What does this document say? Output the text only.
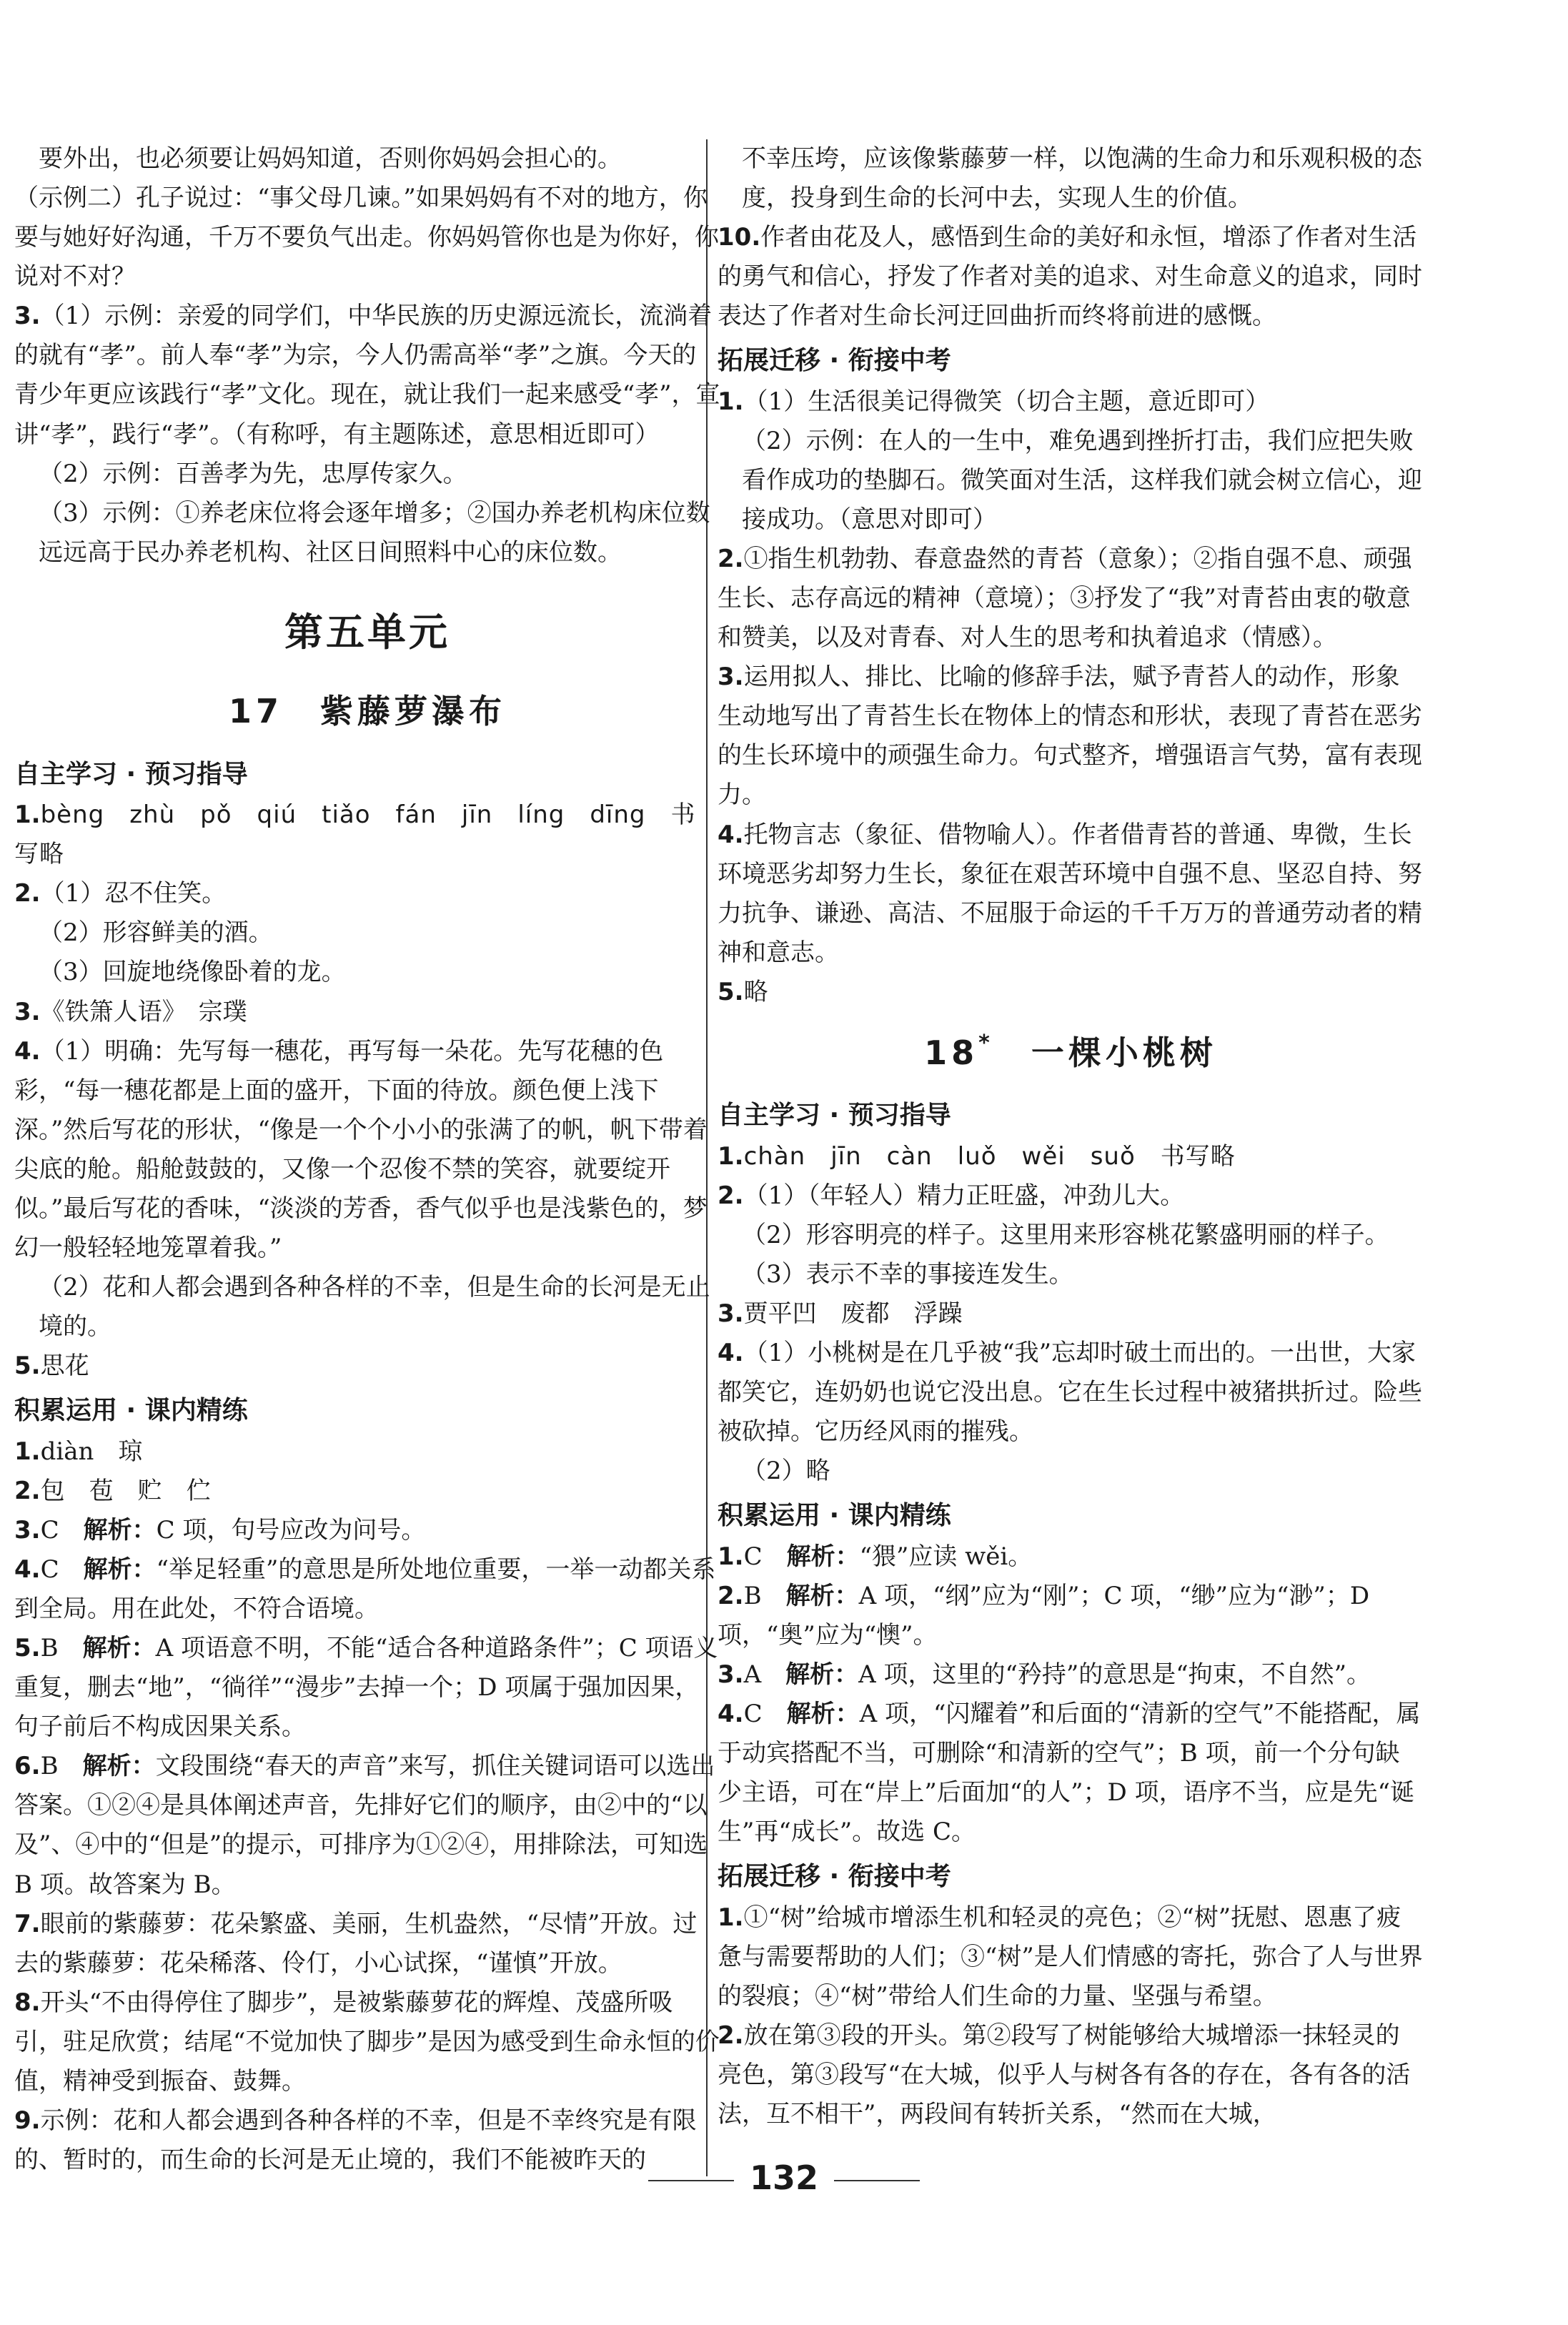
要外出，也必须要让妈妈知道，否则你妈妈会担心的。

（示例二）孔子说过：“事父母几谏。”如果妈妈有不对的地方，你要与她好好沟通，千万不要负气出走。你妈妈管你也是为你好，你说对不对？

3.（1）示例：亲爱的同学们，中华民族的历史源远流长，流淌着的就有“孝”。前人奉“孝”为宗，今人仍需高举“孝”之旗。今天的青少年更应该践行“孝”文化。现在，就让我们一起来感受“孝”，宣讲“孝”，践行“孝”。（有称呼，有主题陈述，意思相近即可）

（2）示例：百善孝为先，忠厚传家久。

（3）示例：①养老床位将会逐年增多；②国办养老机构床位数远远高于民办养老机构、社区日间照料中心的床位数。

第五单元
17　紫藤萝瀑布
自主学习 · 预习指导

1.bèng　zhù　pǒ　qiú　tiǎo　fán　jīn　líng　dīng　书写略

2.（1）忍不住笑。

（2）形容鲜美的酒。

（3）回旋地绕像卧着的龙。

3.《铁箫人语》　宗璞

4.（1）明确：先写每一穗花，再写每一朵花。先写花穗的色彩，“每一穗花都是上面的盛开，下面的待放。颜色便上浅下深。”然后写花的形状，“像是一个个小小的张满了的帆，帆下带着尖底的舱。船舱鼓鼓的，又像一个忍俊不禁的笑容，就要绽开似。”最后写花的香味，“淡淡的芳香，香气似乎也是浅紫色的，梦幻一般轻轻地笼罩着我。”

（2）花和人都会遇到各种各样的不幸，但是生命的长河是无止境的。

5.思花

积累运用 · 课内精练

1.diàn　琼

2.包　苞　贮　伫

3.C　 解析：C 项，句号应改为问号。

4.C　 解析：“举足轻重”的意思是所处地位重要，一举一动都关系到全局。用在此处，不符合语境。

5.B　 解析：A 项语意不明，不能“适合各种道路条件”；C 项语义重复，删去“地”，“徜徉”“漫步”去掉一个；D 项属于强加因果，句子前后不构成因果关系。

6.B　 解析：文段围绕“春天的声音”来写，抓住关键词语可以选出答案。①②④是具体阐述声音，先排好它们的顺序，由②中的“以及”、④中的“但是”的提示，可排序为①②④，用排除法，可知选 B 项。故答案为 B。

7.眼前的紫藤萝：花朵繁盛、美丽，生机盎然，“尽情”开放。过去的紫藤萝：花朵稀落、伶仃，小心试探，“谨慎”开放。

8.开头“不由得停住了脚步”，是被紫藤萝花的辉煌、茂盛所吸引，驻足欣赏；结尾“不觉加快了脚步”是因为感受到生命永恒的价值，精神受到振奋、鼓舞。

9.示例：花和人都会遇到各种各样的不幸，但是不幸终究是有限的、暂时的，而生命的长河是无止境的，我们不能被昨天的

不幸压垮，应该像紫藤萝一样，以饱满的生命力和乐观积极的态度，投身到生命的长河中去，实现人生的价值。

10.作者由花及人，感悟到生命的美好和永恒，增添了作者对生活的勇气和信心，抒发了作者对美的追求、对生命意义的追求，同时表达了作者对生命长河迂回曲折而终将前进的感慨。

拓展迁移 · 衔接中考

1.（1）生活很美记得微笑（切合主题，意近即可）

（2）示例：在人的一生中，难免遇到挫折打击，我们应把失败看作成功的垫脚石。微笑面对生活，这样我们就会树立信心，迎接成功。（意思对即可）

2.①指生机勃勃、春意盎然的青苔（意象）；②指自强不息、顽强生长、志存高远的精神（意境）；③抒发了“我”对青苔由衷的敬意和赞美，以及对青春、对人生的思考和执着追求（情感）。

3.运用拟人、排比、比喻的修辞手法，赋予青苔人的动作，形象生动地写出了青苔生长在物体上的情态和形状，表现了青苔在恶劣的生长环境中的顽强生命力。句式整齐，增强语言气势，富有表现力。

4.托物言志（象征、借物喻人）。作者借青苔的普通、卑微，生长环境恶劣却努力生长，象征在艰苦环境中自强不息、坚忍自持、努力抗争、谦逊、高洁、不屈服于命运的千千万万的普通劳动者的精神和意志。

5.略

18*　 一棵小桃树
自主学习 · 预习指导

1.chàn　jīn　càn　luǒ　wěi　suǒ　书写略

2.（1）（年轻人）精力正旺盛，冲劲儿大。

（2）形容明亮的样子。这里用来形容桃花繁盛明丽的样子。

（3）表示不幸的事接连发生。

3.贾平凹　废都　浮躁

4.（1）小桃树是在几乎被“我”忘却时破土而出的。一出世，大家都笑它，连奶奶也说它没出息。它在生长过程中被猪拱折过。险些被砍掉。它历经风雨的摧残。

（2）略

积累运用 · 课内精练

1.C　 解析：“猥”应读 wěi。

2.B　 解析：A 项，“纲”应为“刚”；C 项，“缈”应为“渺”；D 项，“奥”应为“懊”。

3.A　 解析：A 项，这里的“矜持”的意思是“拘束，不自然”。

4.C　 解析：A 项，“闪耀着”和后面的“清新的空气”不能搭配，属于动宾搭配不当，可删除“和清新的空气”；B 项，前一个分句缺少主语，可在“岸上”后面加“的人”；D 项，语序不当，应是先“诞生”再“成长”。故选 C。

拓展迁移 · 衔接中考

1.①“树”给城市增添生机和轻灵的亮色；②“树”抚慰、恩惠了疲惫与需要帮助的人们；③“树”是人们情感的寄托，弥合了人与世界的裂痕；④“树”带给人们生命的力量、坚强与希望。

2.放在第③段的开头。第②段写了树能够给大城增添一抹轻灵的亮色，第③段写“在大城，似乎人与树各有各的存在，各有各的活法，互不相干”，两段间有转折关系，“然而在大城，

132
